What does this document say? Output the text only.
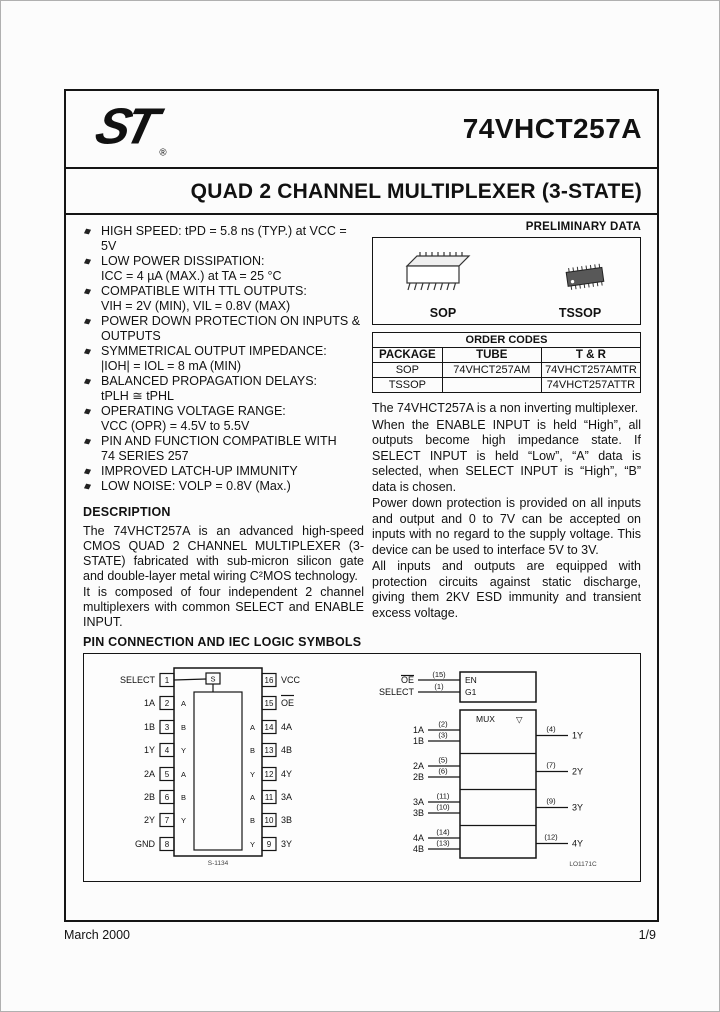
ST ®
74VHCT257A
QUAD 2 CHANNEL MULTIPLEXER (3-STATE)
HIGH SPEED: tPD = 5.8 ns (TYP.) at VCC = 5V
LOW POWER DISSIPATION:
ICC = 4 µA (MAX.) at TA = 25 °C
COMPATIBLE WITH TTL OUTPUTS:
VIH = 2V (MIN), VIL = 0.8V (MAX)
POWER DOWN PROTECTION ON INPUTS &
OUTPUTS
SYMMETRICAL OUTPUT IMPEDANCE:
|IOH| = IOL = 8 mA (MIN)
BALANCED PROPAGATION DELAYS:
tPLH ≅ tPHL
OPERATING VOLTAGE RANGE:
VCC (OPR) = 4.5V to 5.5V
PIN AND FUNCTION COMPATIBLE WITH
74 SERIES 257
IMPROVED LATCH-UP IMMUNITY
LOW NOISE: VOLP = 0.8V (Max.)
DESCRIPTION

The 74VHCT257A is an advanced high-speed CMOS QUAD 2 CHANNEL MULTIPLEXER (3-STATE) fabricated with sub-micron silicon gate and double-layer metal wiring C²MOS technology.

It is composed of four independent 2 channel multiplexers with common SELECT and ENABLE INPUT.

PRELIMINARY DATA
SOP	TSSOP
ORDER CODES		
PACKAGE	TUBE	T & R
SOP	74VHCT257AM	74VHCT257AMTR
TSSOP		74VHCT257ATTR

The 74VHCT257A is a non inverting multiplexer.

When the ENABLE INPUT is held “High”, all outputs become high impedance state. If SELECT INPUT is held “Low”, “A” data is selected, when SELECT INPUT is “High”, “B” data is chosen.

Power down protection is provided on all inputs and output and 0 to 7V can be accepted on inputs with no regard to the supply voltage. This device can be used to interface 5V to 3V.

All inputs and outputs are equipped with protection circuits against static discharge, giving them 2KV ESD immunity and transient excess voltage.

PIN CONNECTION AND IEC LOGIC SYMBOLS
S
SELECT 1
1A 2 A
1B 3 B
1Y 4 Y
2A 5 A
2B 6 B
2Y 7 Y
GND 8
16 VCC
15 OE
14 4A
A
13 4B
B
12 4Y
Y
11 3A
A
10 3B
B
9 3Y
Y
S-1134
OE
(15)
EN
SELECT
(1)
G1
MUX ▽
1A
(2)
1B
(3)
2A
(5)
2B
(6)
3A
(11)
3B
(10)
4A
(14)
4B
(13)
(4)
1Y
(7)
2Y
(9)
3Y
(12)
4Y
LO1171C
March 2000	1/9
